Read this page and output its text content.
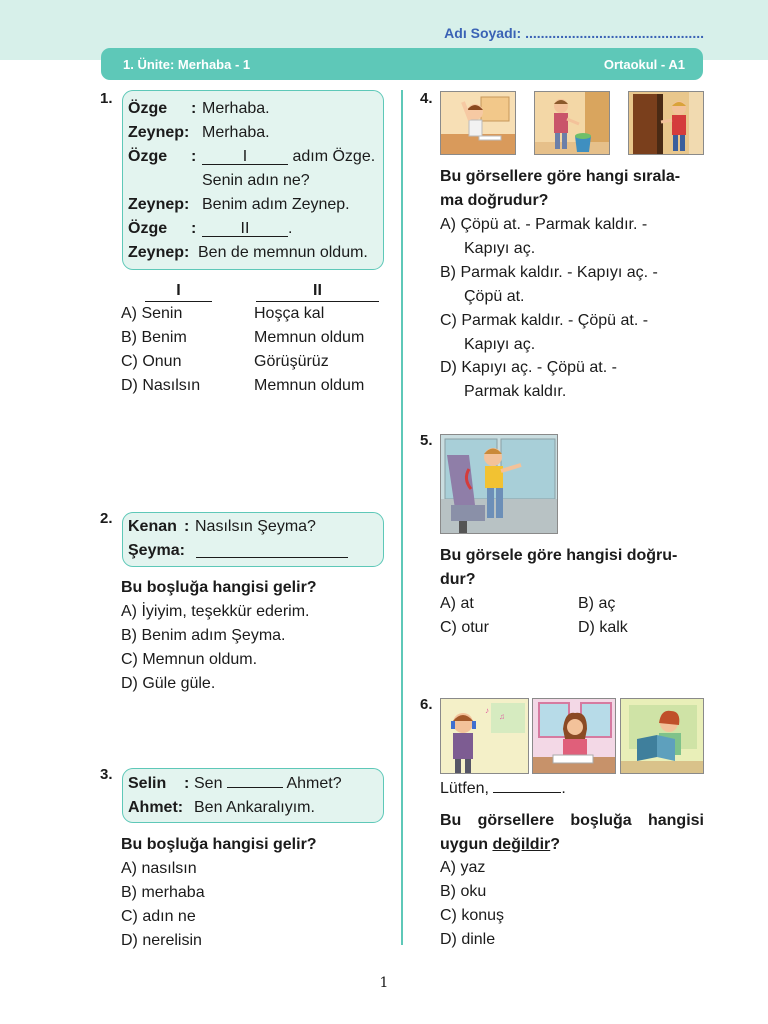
Adı Soyadı: ..............................................
1. Ünite: Merhaba - 1	Ortaokul - A1
1.
Özge : Merhaba.
Zeynep: Merhaba.
Özge :	I	adım Özge.
Senin adın ne?
Zeynep: Benim adım Zeynep.
Özge :	II .
Zeynep: Ben de memnun oldum.
I	II
A) Senin	Hoşça kal
B) Benim	Memnun oldum
C) Onun	Görüşürüz
D) Nasılsın	Memnun oldum
2. Kenan : Nasılsın Şeyma?
Şeyma:
Bu boşluğa hangisi gelir?
A) İyiyim, teşekkür ederim.
B) Benim adım Şeyma.
C) Memnun oldum.
D) Güle güle.
3.
Selin : Sen	Ahmet?
Ahmet: Ben Ankaralıyım.
Bu boşluğa hangisi gelir?
A) nasılsın
B) merhaba
C) adın ne
D) nerelisin
4.
Bu görsellere göre hangi sırala-
ma doğrudur?
A) Çöpü at. - Parmak kaldır. -
Kapıyı aç.
B) Parmak kaldır. - Kapıyı aç. -
Çöpü at.
C) Parmak kaldır. - Çöpü at. -
Kapıyı aç.
D) Kapıyı aç. - Çöpü at. -
Parmak kaldır.
5.
Bu görsele göre hangisi doğru-
dur?
A) at	B) aç
C) otur	D) kalk
6.	♪
♫
Lütfen,	.
Bu görsellere boşluğa hangisi
uygun değildir?
A) yaz
B) oku
C) konuş
D) dinle
1
